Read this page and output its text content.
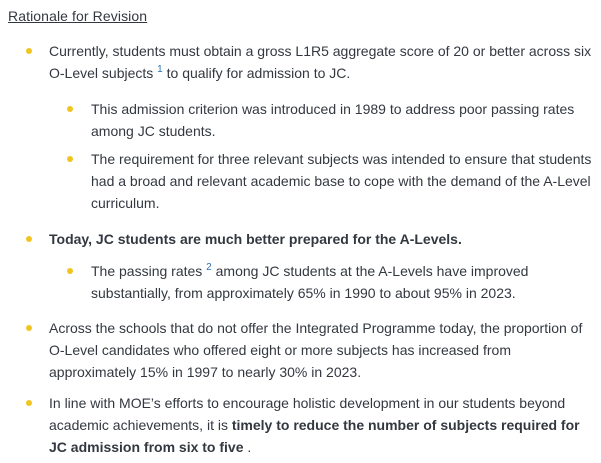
Rationale for Revision

Currently, students must obtain a gross L1R5 aggregate score of 20 or better across six O-Level subjects $^1$ to qualify for admission to JC.

This admission criterion was introduced in 1989 to address poor passing rates among JC students.

The requirement for three relevant subjects was intended to ensure that students had a broad and relevant academic base to cope with the demand of the A-Level curriculum.

Today, JC students are much better prepared for the A-Levels.

The passing rates $^2$ among JC students at the A-Levels have improved substantially, from approximately 65% in 1990 to about 95% in 2023.

Across the schools that do not offer the Integrated Programme today, the proportion of O-Level candidates who offered eight or more subjects has increased from approximately 15% in 1997 to nearly 30% in 2023.

In line with MOE’s efforts to encourage holistic development in our students beyond academic achievements, it is timely to reduce the number of subjects required for JC admission from six to five .
